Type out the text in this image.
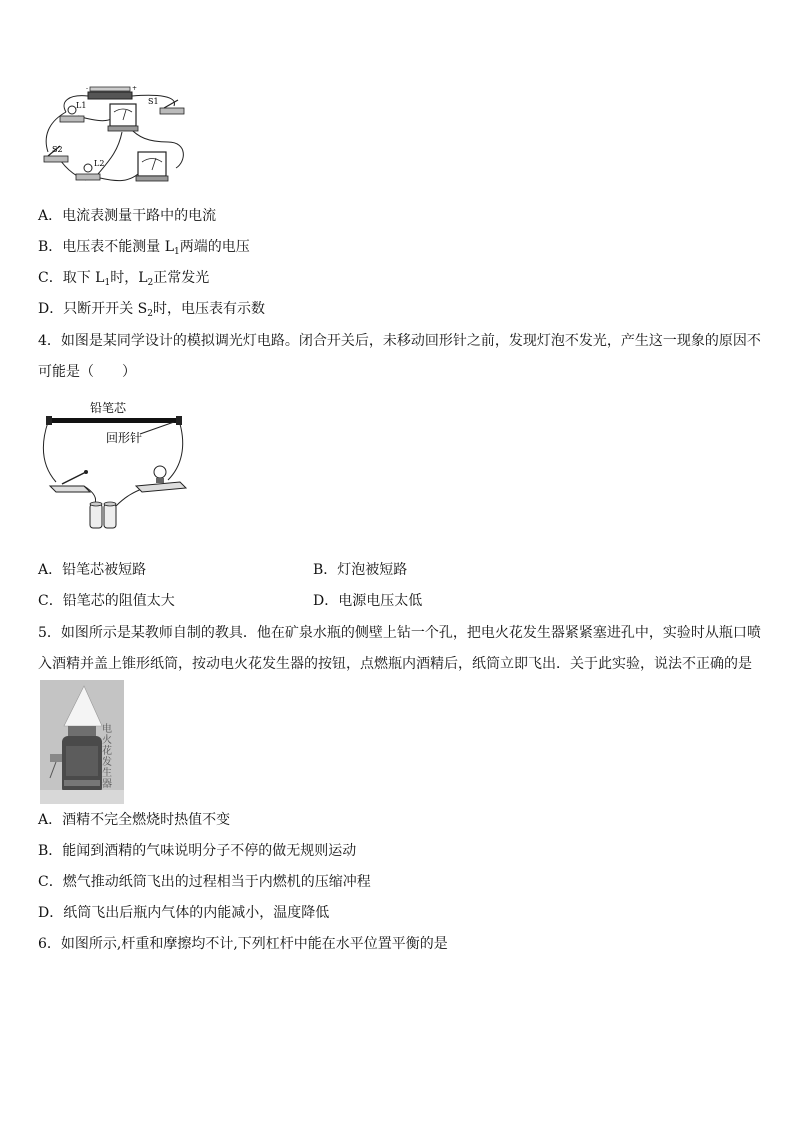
-	+
L1	S1
S2
L2
A．电流表测量干路中的电流
B．电压表不能测量 $L_1$两端的电压
C．取下 $L_1$时，$L_2$正常发光
D．只断开开关 $S_2$时，电压表有示数
4．如图是某同学设计的模拟调光灯电路。闭合开关后，未移动回形针之前，发现灯泡不发光，产生这一现象的原因不
可能是（　　）
铅笔芯
回形针
A．铅笔芯被短路	B．灯泡被短路
C．铅笔芯的阻值太大	D．电源电压太低
5．如图所示是某教师自制的教具．他在矿泉水瓶的侧壁上钻一个孔，把电火花发生器紧紧塞进孔中，实验时从瓶口喷
入酒精并盖上锥形纸筒，按动电火花发生器的按钮，点燃瓶内酒精后，纸筒立即飞出．关于此实验，说法不正确的是
电火花发生器
A．酒精不完全燃烧时热值不变
B．能闻到酒精的气味说明分子不停的做无规则运动
C．燃气推动纸筒飞出的过程相当于内燃机的压缩冲程
D．纸筒飞出后瓶内气体的内能减小，温度降低
6．如图所示,杆重和摩擦均不计,下列杠杆中能在水平位置平衡的是
